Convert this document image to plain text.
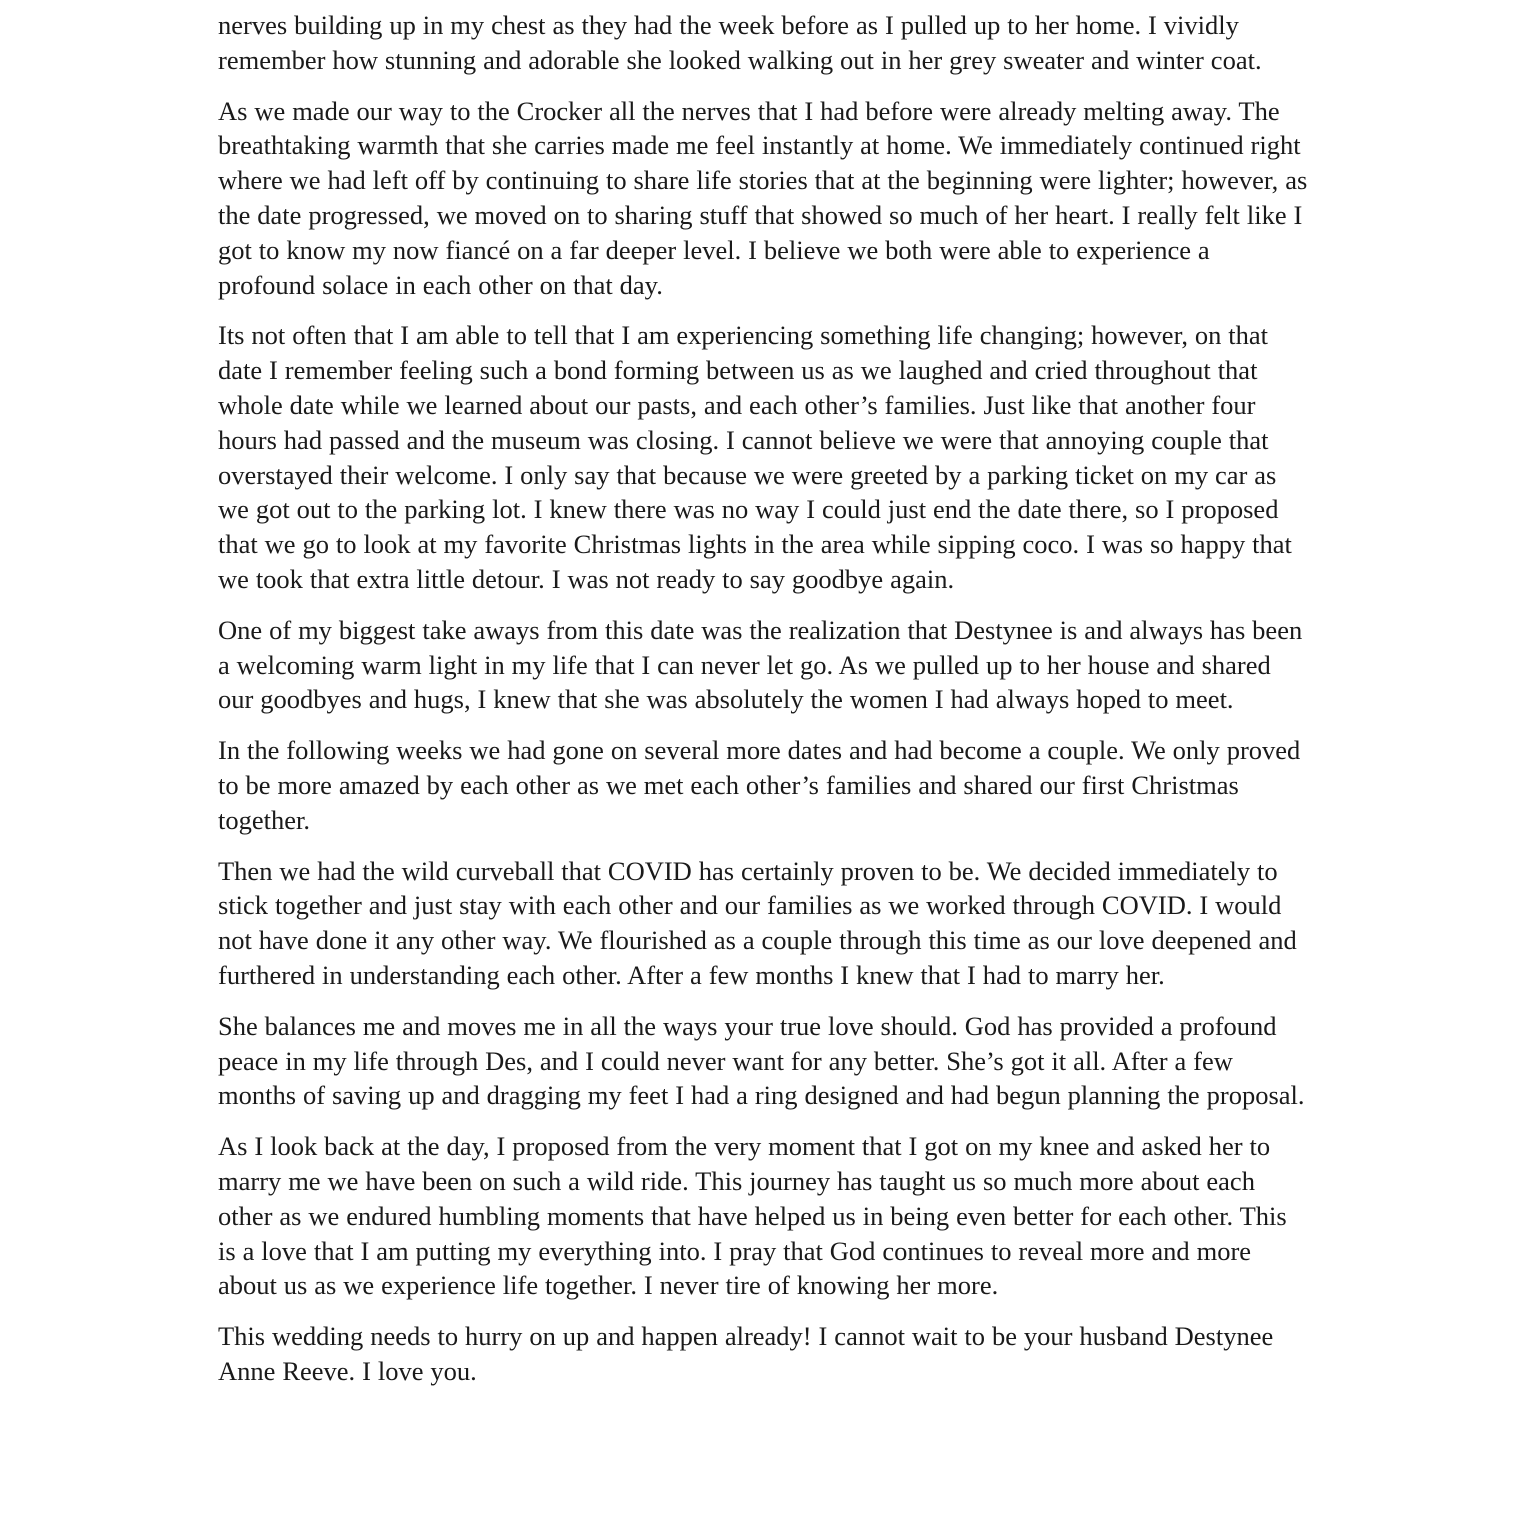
nerves building up in my chest as they had the week before as I pulled up to her home. I vividly remember how stunning and adorable she looked walking out in her grey sweater and winter coat.

As we made our way to the Crocker all the nerves that I had before were already melting away. The breathtaking warmth that she carries made me feel instantly at home. We immediately continued right where we had left off by continuing to share life stories that at the beginning were lighter; however, as the date progressed, we moved on to sharing stuff that showed so much of her heart. I really felt like I got to know my now fiancé on a far deeper level. I believe we both were able to experience a profound solace in each other on that day.

Its not often that I am able to tell that I am experiencing something life changing; however, on that date I remember feeling such a bond forming between us as we laughed and cried throughout that whole date while we learned about our pasts, and each other’s families. Just like that another four hours had passed and the museum was closing. I cannot believe we were that annoying couple that overstayed their welcome. I only say that because we were greeted by a parking ticket on my car as we got out to the parking lot. I knew there was no way I could just end the date there, so I proposed that we go to look at my favorite Christmas lights in the area while sipping coco. I was so happy that we took that extra little detour. I was not ready to say goodbye again.

One of my biggest take aways from this date was the realization that Destynee is and always has been a welcoming warm light in my life that I can never let go. As we pulled up to her house and shared our goodbyes and hugs, I knew that she was absolutely the women I had always hoped to meet.

In the following weeks we had gone on several more dates and had become a couple. We only proved to be more amazed by each other as we met each other’s families and shared our first Christmas together.

Then we had the wild curveball that COVID has certainly proven to be. We decided immediately to stick together and just stay with each other and our families as we worked through COVID. I would not have done it any other way. We flourished as a couple through this time as our love deepened and furthered in understanding each other. After a few months I knew that I had to marry her.

She balances me and moves me in all the ways your true love should. God has provided a profound peace in my life through Des, and I could never want for any better. She’s got it all. After a few months of saving up and dragging my feet I had a ring designed and had begun planning the proposal.

As I look back at the day, I proposed from the very moment that I got on my knee and asked her to marry me we have been on such a wild ride. This journey has taught us so much more about each other as we endured humbling moments that have helped us in being even better for each other. This is a love that I am putting my everything into. I pray that God continues to reveal more and more about us as we experience life together. I never tire of knowing her more.

This wedding needs to hurry on up and happen already! I cannot wait to be your husband Destynee Anne Reeve. I love you.
